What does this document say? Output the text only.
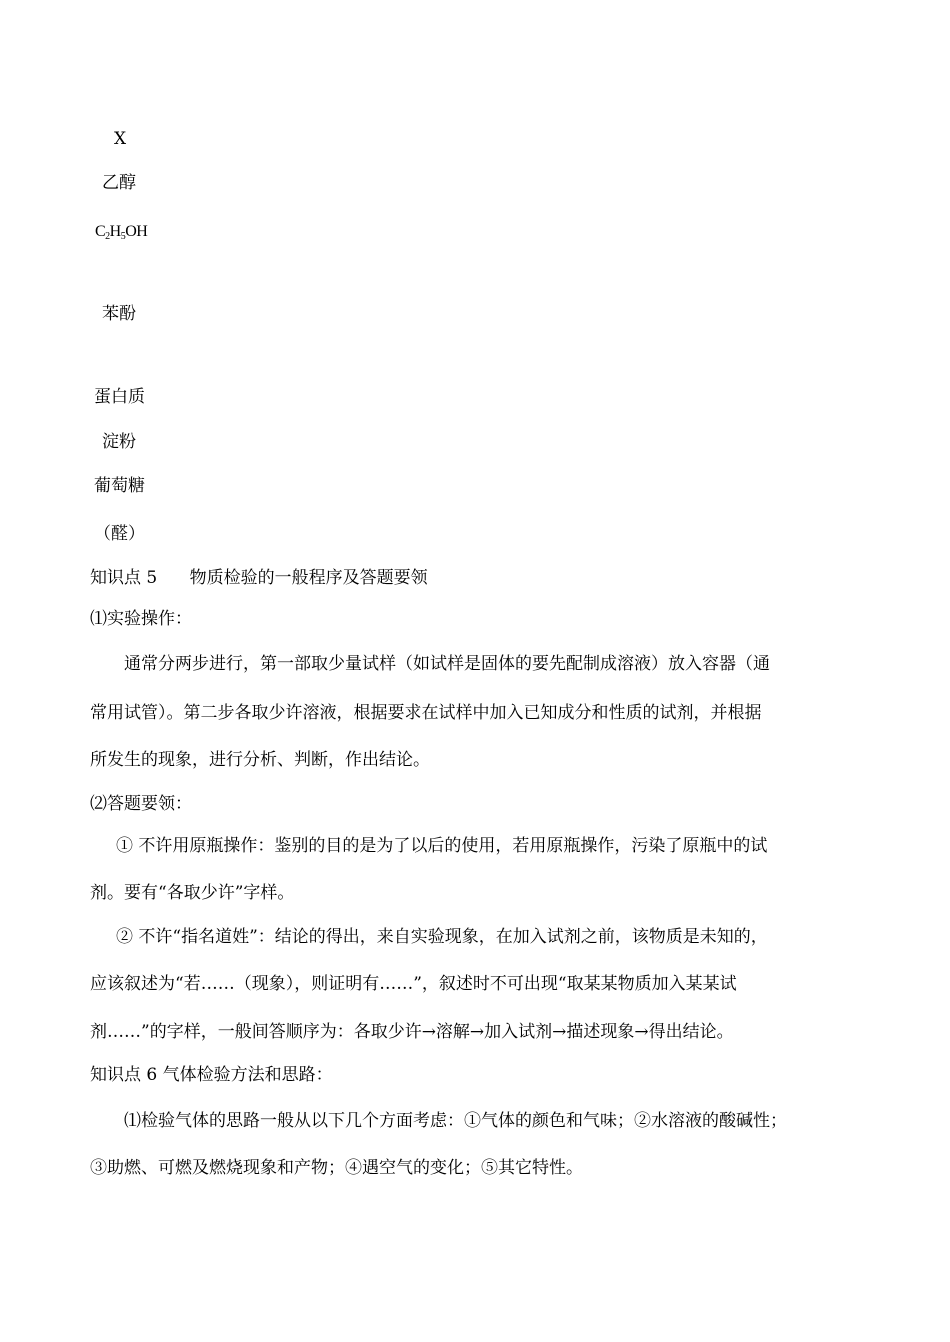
X
乙醇
$C_2H_5OH$
苯酚
蛋白质
淀粉
葡萄糖
（醛）
知识点 5      物质检验的一般程序及答题要领
⑴实验操作：
通常分两步进行，第一部取少量试样（如试样是固体的要先配制成溶液）放入容器（通
常用试管）。第二步各取少许溶液，根据要求在试样中加入已知成分和性质的试剂，并根据
所发生的现象，进行分析、判断，作出结论。
⑵答题要领：
① 不许用原瓶操作：鉴别的目的是为了以后的使用，若用原瓶操作，污染了原瓶中的试
剂。要有“各取少许”字样。
② 不许“指名道姓”：结论的得出，来自实验现象，在加入试剂之前，该物质是未知的，
应该叙述为“若……（现象），则证明有……”，叙述时不可出现“取某某物质加入某某试
剂……”的字样，一般间答顺序为：各取少许→溶解→加入试剂→描述现象→得出结论。
知识点 6 气体检验方法和思路：
⑴检验气体的思路一般从以下几个方面考虑：①气体的颜色和气味；②水溶液的酸碱性；
③助燃、可燃及燃烧现象和产物；④遇空气的变化；⑤其它特性。
